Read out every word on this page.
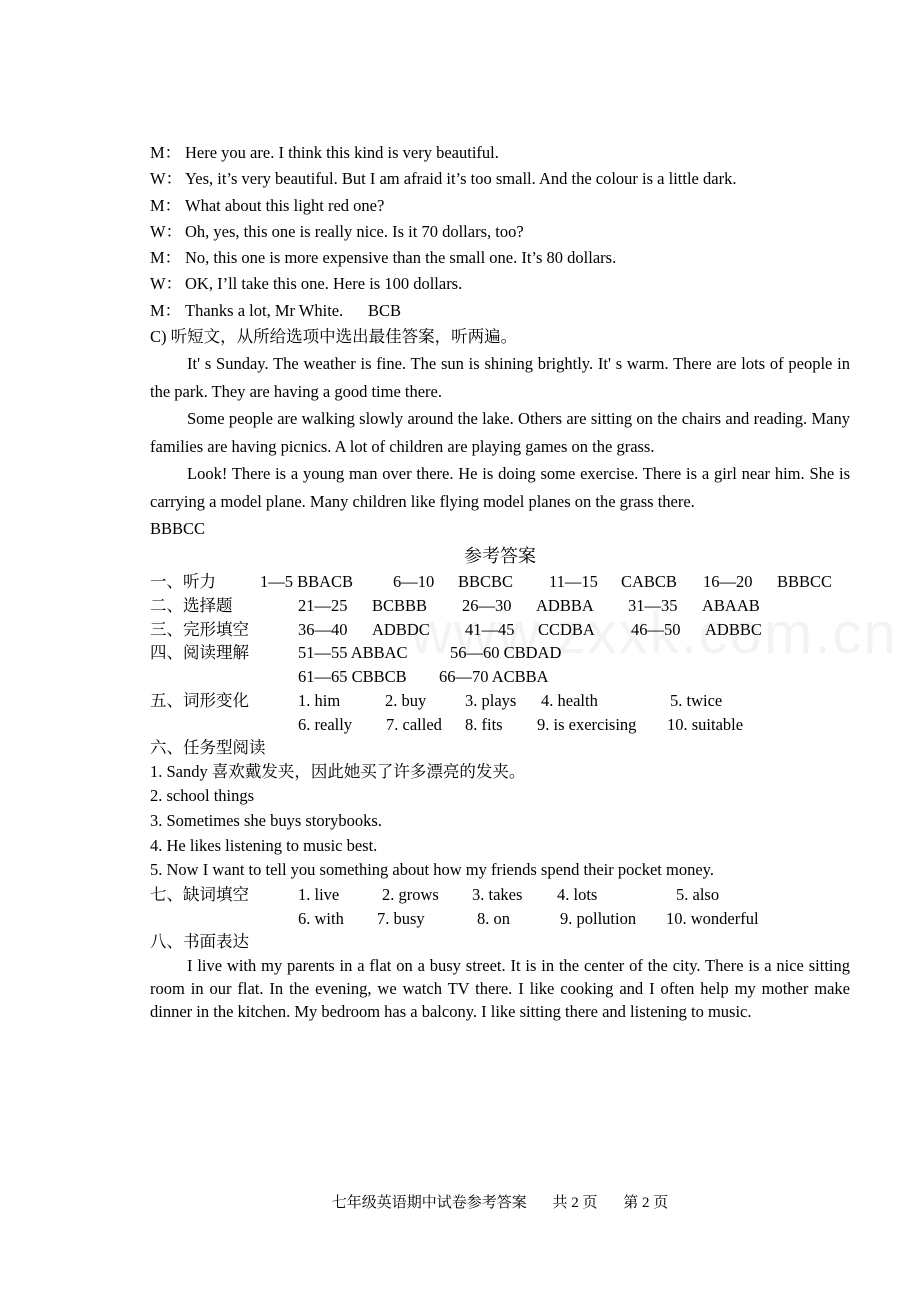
M： Here you are. I think this kind is very beautiful.
W： Yes, it’s very beautiful. But I am afraid it’s too small. And the colour is a little dark.
M： What about this light red one?
W： Oh, yes, this one is really nice. Is it 70 dollars, too?
M： No, this one is more expensive than the small one. It’s 80 dollars.
W： OK, I’ll take this one. Here is 100 dollars.
M： Thanks a lot, Mr White.      BCB
C) 听短文，从所给选项中选出最佳答案，听两遍。

It' s Sunday. The weather is fine. The sun is shining brightly. It' s warm. There are lots of people in the park. They are having a good time there.

Some people are walking slowly around the lake. Others are sitting on the chairs and reading. Many families are having picnics. A lot of children are playing games on the grass.

Look! There is a young man over there. He is doing some exercise. There is a girl near him. She is carrying a model plane. Many children like flying model planes on the grass there.

BBBCC
参考答案
一、听力	1—5 BBACB 6—10 BBCBC 11—15 CABCB 16—20 BBBCC
二、选择题	21—25 BCBBB 26—30 ADBBA 31—35 ABAAB
三、完形填空	36—40 ADBDC 41—45 CCDBA 46—50 ADBBC
四、阅读理解	51—55 ABBAC	56—60 CBDAD
61—65 CBBCB 66—70 ACBBA
五、词形变化	1. him	2. buy 3. plays 4. health	5. twice
6. really 7. called 8. fits 9. is exercising 10. suitable
六、任务型阅读
1. Sandy 喜欢戴发夹，因此她买了许多漂亮的发夹。
2. school things
3. Sometimes she buys storybooks.
4. He likes listening to music best.
5. Now I want to tell you something about how my friends spend their pocket money.
七、缺词填空	1. live	2. grows 3. takes 4. lots	5. also
6. with 7. busy	8. on	9. pollution 10. wonderful
八、书面表达

I live with my parents in a flat on a busy street. It is in the center of the city. There is a nice sitting room in our flat. In the evening, we watch TV there. I like cooking and I often help my mother make dinner in the kitchen. My bedroom has a balcony. I like sitting there and listening to music.

七年级英语期中试卷参考答案 共 2 页 第 2 页
